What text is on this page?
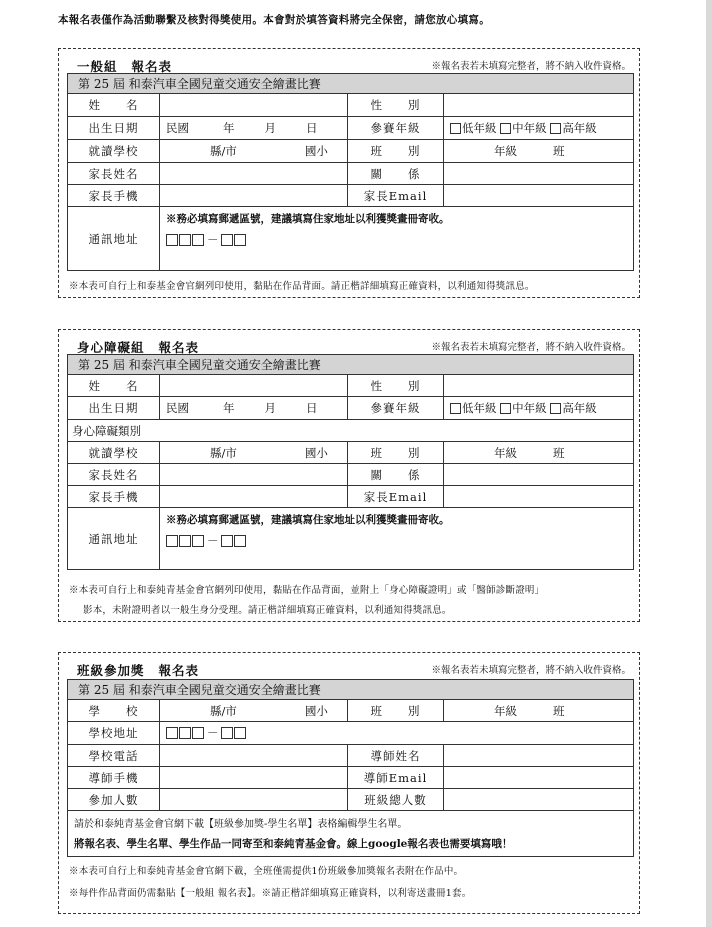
本報名表僅作為活動聯繫及核對得獎使用。本會對於填答資料將完全保密，請您放心填寫。
一般組 報名表	※報名表若未填寫完整者，將不納入收件資格。
第 25 屆 和泰汽車全國兒童交通安全繪畫比賽			
姓　　名		性　　別	
出生日期	民國 年 月 日	參賽年級	低年級 中年級 高年級
就讀學校	縣/市 國小	班　　別	年級 班
家長姓名		關　　係	
家長手機		家長Email	
通訊地址	※務必填寫郵遞區號，建議填寫住家地址以利獲獎畫冊寄收。
－		
※本表可自行上和泰基金會官網列印使用，黏貼在作品背面。請正楷詳細填寫正確資料，以利通知得獎訊息。
身心障礙組 報名表	※報名表若未填寫完整者，將不納入收件資格。
第 25 屆 和泰汽車全國兒童交通安全繪畫比賽			
姓　　名		性　　別	
出生日期	民國 年 月 日	參賽年級	低年級 中年級 高年級
身心障礙類別			
就讀學校	縣/市 國小	班　　別	年級 班
家長姓名		關　　係	
家長手機		家長Email	
通訊地址	※務必填寫郵遞區號，建議填寫住家地址以利獲獎畫冊寄收。
－		
※本表可自行上和泰純青基金會官網列印使用，黏貼在作品背面，並附上「身心障礙證明」或「醫師診斷證明」
影本，未附證明者以一般生身分受理。請正楷詳細填寫正確資料，以利通知得獎訊息。
班級參加獎 報名表	※報名表若未填寫完整者，將不納入收件資格。
第 25 屆 和泰汽車全國兒童交通安全繪畫比賽			
學　　校	縣/市 國小	班　　別	年級 班
學校地址	－		
學校電話		導師姓名	
導師手機		導師Email	
參加人數		班級總人數	

請於和泰純青基金會官網下載【班級參加獎-學生名單】表格編輯學生名單。
將報名表、學生名單、學生作品一同寄至和泰純青基金會。線上google報名表也需要填寫哦！			
※本表可自行上和泰純青基金會官網下載，全班僅需提供1份班級參加獎報名表附在作品中。
※每件作品背面仍需黏貼【一般組 報名表】。※請正楷詳細填寫正確資料，以利寄送畫冊1套。
